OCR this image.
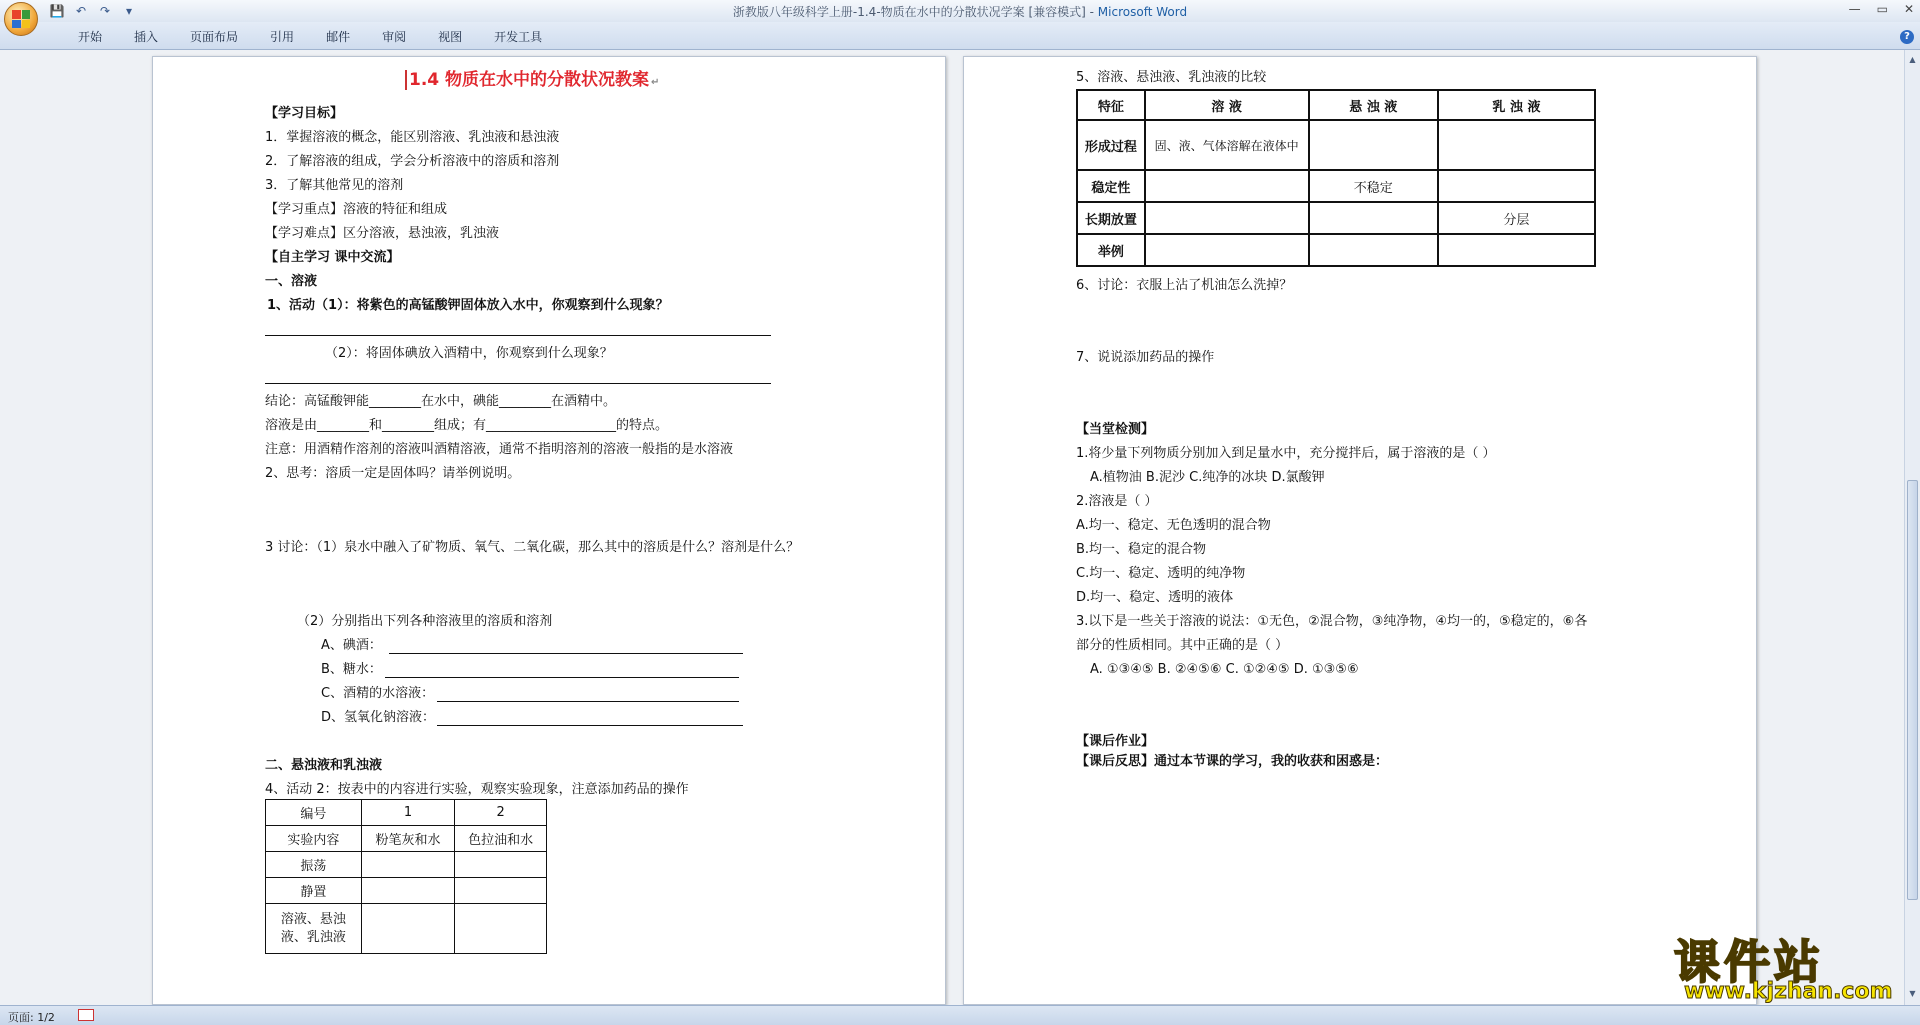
💾 ↶	↷	▾	浙教版八年级科学上册-1.4-物质在水中的分散状况学案 [兼容模式] - Microsoft Word	— ▭ ✕
开始	插入	页面布局	引用	邮件	审阅	视图	开发工具	?
1.4 物质在水中的分散状况教案 ↵
【学习目标】
1．掌握溶液的概念，能区别溶液、乳浊液和悬浊液
2．了解溶液的组成，学会分析溶液中的溶质和溶剂
3．了解其他常见的溶剂
【学习重点】溶液的特征和组成
【学习难点】区分溶液，悬浊液，乳浊液
【自主学习 课中交流】
一、溶液
1、活动（1）：将紫色的高锰酸钾固体放入水中，你观察到什么现象？
（2）：将固体碘放入酒精中，你观察到什么现象？
结论：高锰酸钾能________在水中，碘能________在酒精中。
溶液是由________和________组成；有____________________的特点。
注意：用酒精作溶剂的溶液叫酒精溶液，通常不指明溶剂的溶液一般指的是水溶液
2、思考：溶质一定是固体吗？请举例说明。
3 讨论：（1）泉水中融入了矿物质、氧气、二氧化碳，那么其中的溶质是什么？溶剂是什么？
（2）分别指出下列各种溶液里的溶质和溶剂
A、碘酒：
B、糖水：
C、酒精的水溶液：
D、氢氧化钠溶液：
二、悬浊液和乳浊液
4、活动 2：按表中的内容进行实验，观察实验现象，注意添加药品的操作
编号	1	2
实验内容	粉笔灰和水	色拉油和水
振荡		
静置		
溶液、悬浊液、乳浊液		
5、溶液、悬浊液、乳浊液的比较
特征	溶 液	悬 浊 液	乳 浊 液
形成过程	固、液、气体溶解在液体中		
稳定性		不稳定	
长期放置			分层
举例			
6、讨论：衣服上沾了机油怎么洗掉？
7、说说添加药品的操作
【当堂检测】
1.将少量下列物质分别加入到足量水中，充分搅拌后，属于溶液的是（ ）
A.植物油 B.泥沙 C.纯净的冰块 D.氯酸钾
2.溶液是（ ）
A.均一、稳定、无色透明的混合物
B.均一、稳定的混合物
C.均一、稳定、透明的纯净物
D.均一、稳定、透明的液体
3.以下是一些关于溶液的说法：①无色，②混合物，③纯净物，④均一的，⑤稳定的，⑥各
部分的性质相同。其中正确的是（ ）
A. ①③④⑤ B. ②④⑤⑥ C. ①②④⑤ D. ①③⑤⑥
【课后作业】
【课后反思】通过本节课的学习，我的收获和困惑是：
▲
▼
课件站
www.kjzhan.com
页面: 1/2
